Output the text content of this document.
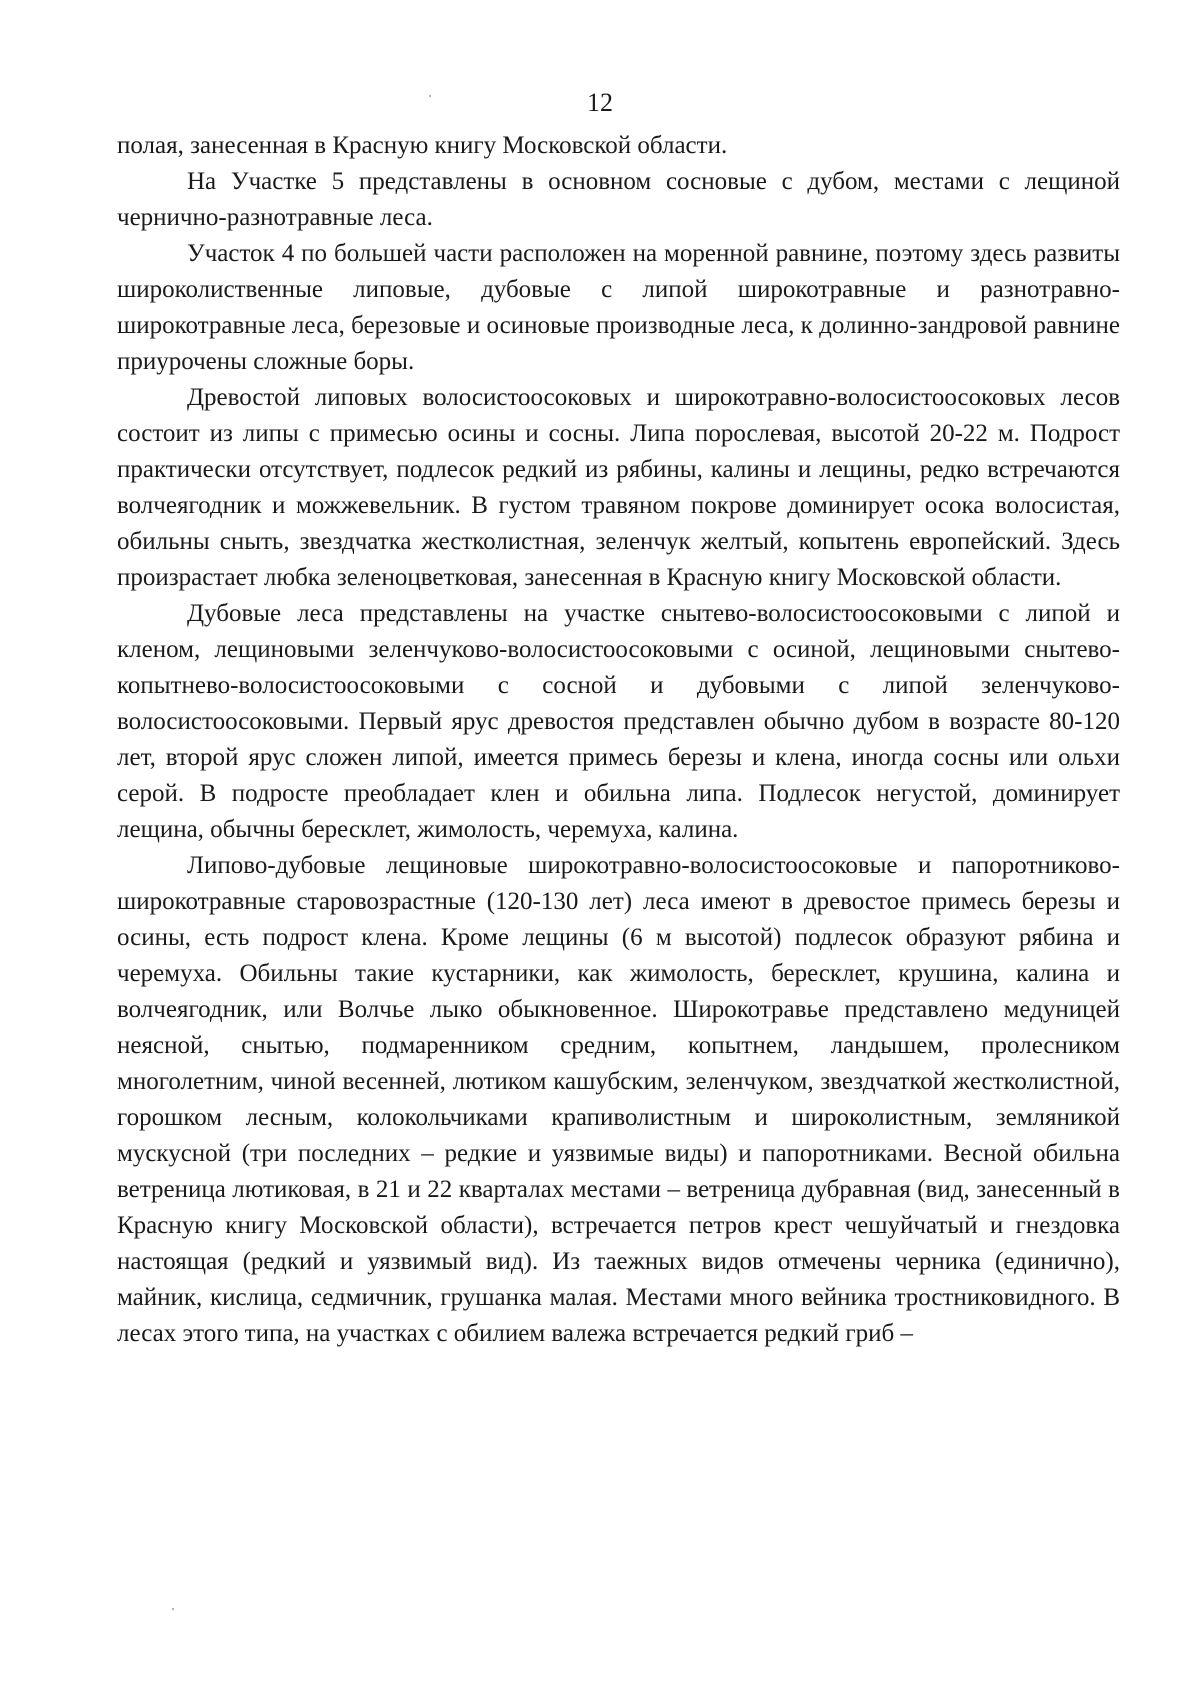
12

полая, занесенная в Красную книгу Московской области.

На Участке 5 представлены в основном сосновые с дубом, местами с лещиной чернично-разнотравные леса.

Участок 4 по большей части расположен на моренной равнине, поэтому здесь развиты широколиственные липовые, дубовые с липой широкотравные и разнотравно-широкотравные леса, березовые и осиновые производные леса, к долинно-зандровой равнине приурочены сложные боры.

Древостой липовых волосистоосоковых и широкотравно-волосистоосоковых лесов состоит из липы с примесью осины и сосны. Липа порослевая, высотой 20-22 м. Подрост практически отсутствует, подлесок редкий из рябины, калины и лещины, редко встречаются волчеягодник и можжевельник. В густом травяном покрове доминирует осока волосистая, обильны сныть, звездчатка жестколистная, зеленчук желтый, копытень европейский. Здесь произрастает любка зеленоцветковая, занесенная в Красную книгу Московской области.

Дубовые леса представлены на участке снытево-волосистоосоковыми с липой и кленом, лещиновыми зеленчуково-волосистоосоковыми с осиной, лещиновыми снытево-копытнево-волосистоосоковыми с сосной и дубовыми с липой зеленчуково-волосистоосоковыми. Первый ярус древостоя представлен обычно дубом в возрасте 80-120 лет, второй ярус сложен липой, имеется примесь березы и клена, иногда сосны или ольхи серой. В подросте преобладает клен и обильна липа. Подлесок негустой, доминирует лещина, обычны бересклет, жимолость, черемуха, калина.

Липово-дубовые лещиновые широкотравно-волосистоосоковые и папоротниково-широкотравные старовозрастные (120-130 лет) леса имеют в древостое примесь березы и осины, есть подрост клена. Кроме лещины (6 м высотой) подлесок образуют рябина и черемуха. Обильны такие кустарники, как жимолость, бересклет, крушина, калина и волчеягодник, или Волчье лыко обыкновенное. Широкотравье представлено медуницей неясной, снытью, подмаренником средним, копытнем, ландышем, пролесником многолетним, чиной весенней, лютиком кашубским, зеленчуком, звездчаткой жестколистной, горошком лесным, колокольчиками крапиволистным и широколистным, земляникой мускусной (три последних – редкие и уязвимые виды) и папоротниками. Весной обильна ветреница лютиковая, в 21 и 22 кварталах местами – ветреница дубравная (вид, занесенный в Красную книгу Московской области), встречается петров крест чешуйчатый и гнездовка настоящая (редкий и уязвимый вид). Из таежных видов отмечены черника (единично), майник, кислица, седмичник, грушанка малая. Местами много вейника тростниковидного. В лесах этого типа, на участках с обилием валежа встречается редкий гриб –
